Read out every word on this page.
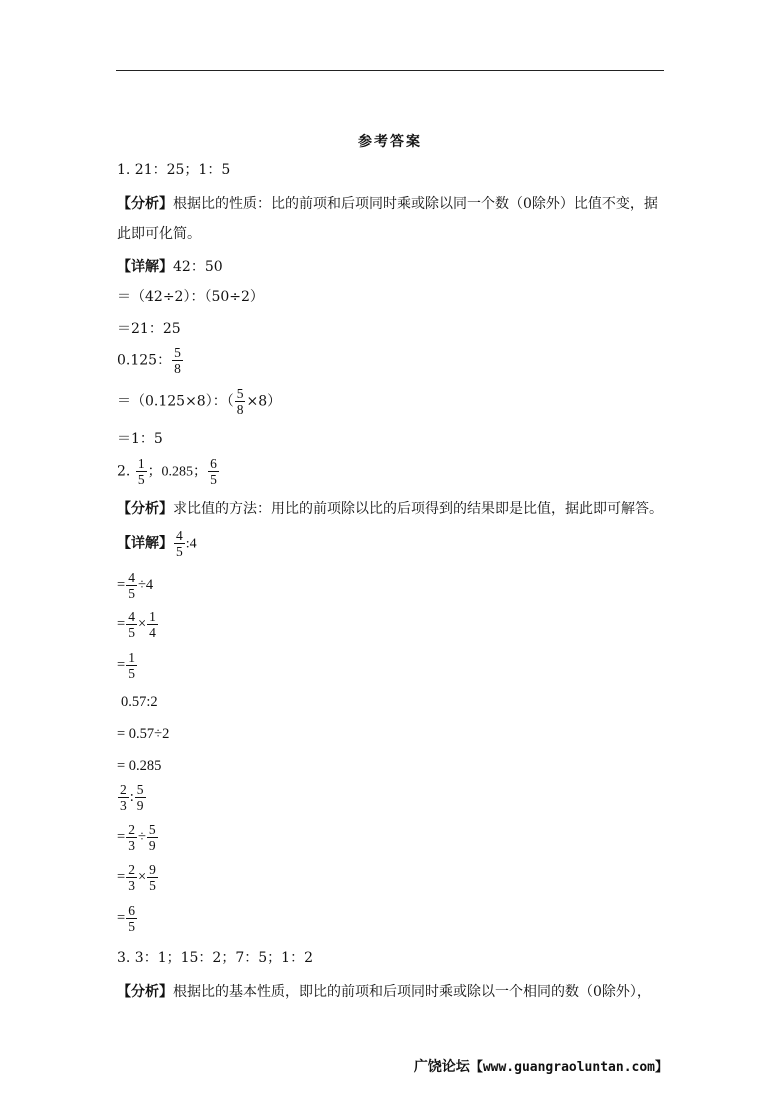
参考答案
1. 21：25；1：5
【分析】根据比的性质：比的前项和后项同时乘或除以同一个数（0除外）比值不变，据
此即可化简。
【详解】42：50
＝（42÷2）：（50÷2）
＝21：25
0.125： $\frac{5}{8}$
＝（0.125×8）：（ $\frac{5}{8} \times 8$）
＝1：5
2. $\frac{1}{5}$ ；0.285； $\frac{6}{5}$
【分析】求比值的方法：用比的前项除以比的后项得到的结果即是比值，据此即可解答。
【详解】 $\frac{4}{5}$ :4
= $\frac{4}{5} \div 4$
= $\frac{4}{5} \times \frac{1}{4}$
= $\frac{1}{5}$
0.57:2
= 0.57÷2
= 0.285
$\frac{2}{3}$ : $\frac{5}{9}$
= $\frac{2}{3} \div \frac{5}{9}$
= $\frac{2}{3} \times \frac{9}{5}$
= $\frac{6}{5}$
3. 3：1；15：2；7：5；1：2
【分析】根据比的基本性质，即比的前项和后项同时乘或除以一个相同的数（0除外），
广饶论坛【www.guangraoluntan.com】
